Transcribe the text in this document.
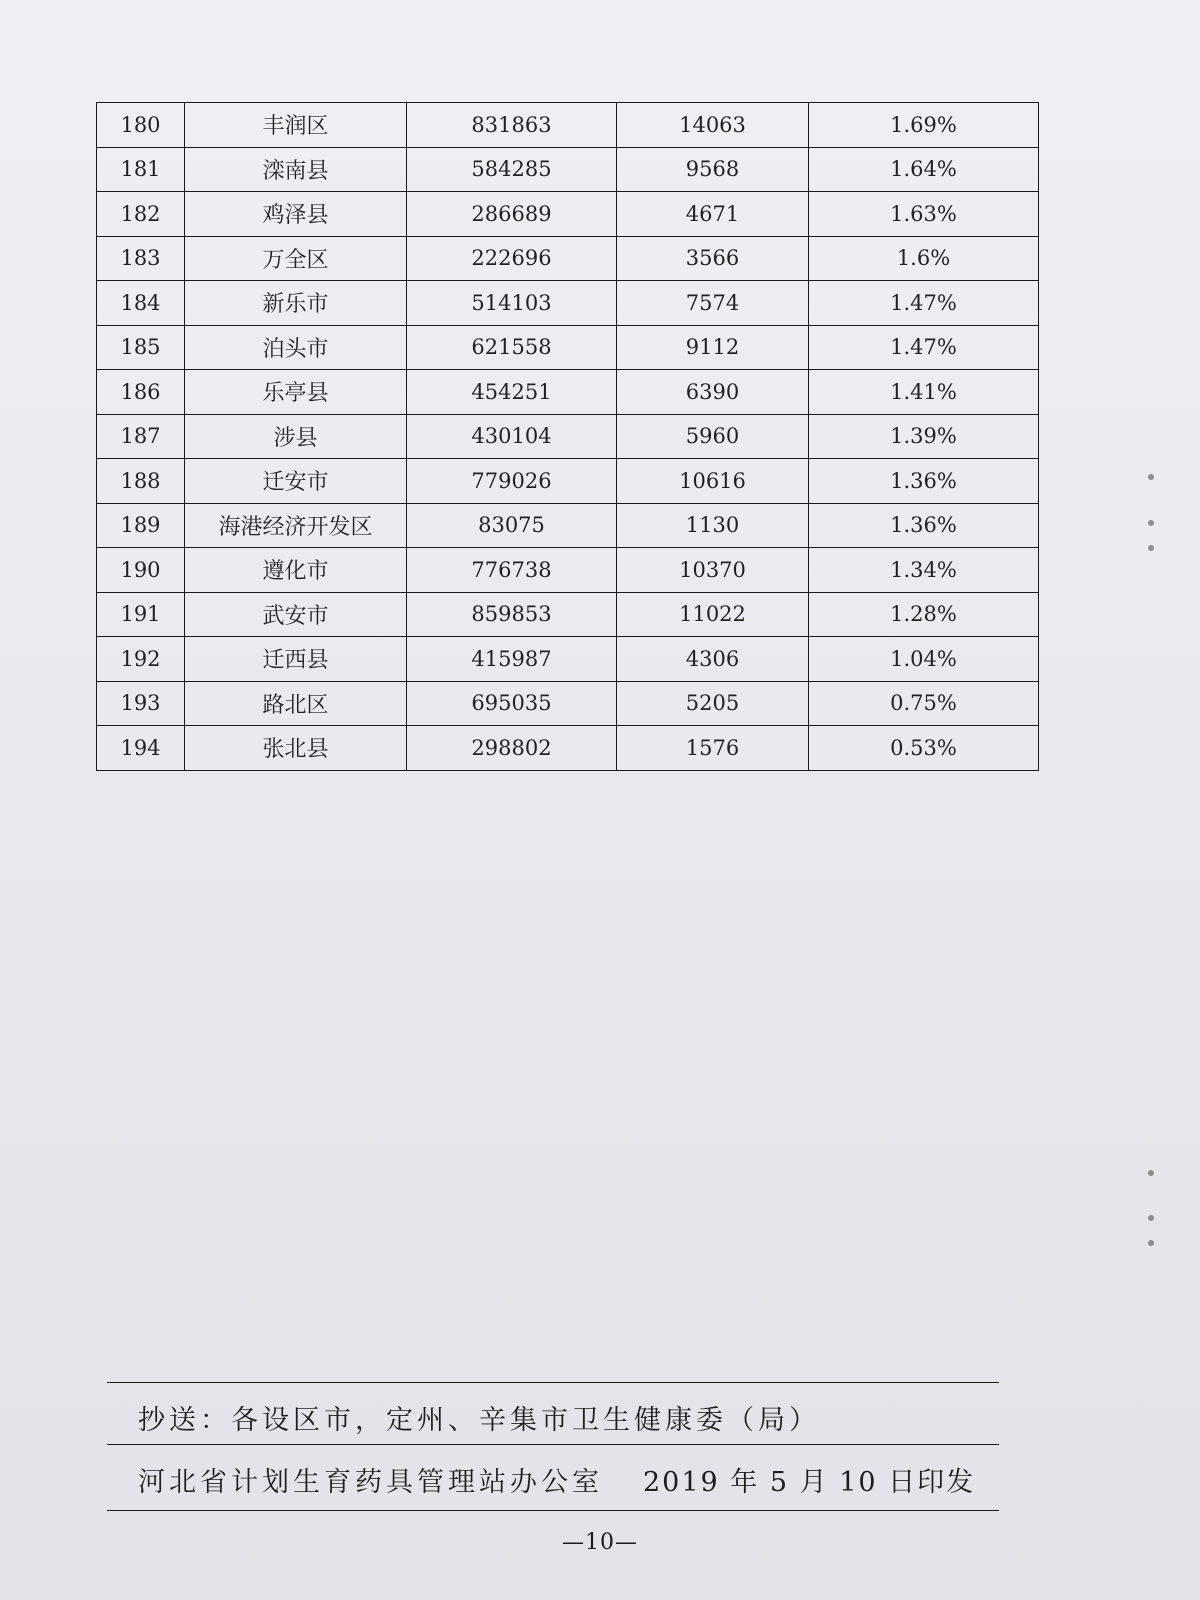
180	丰润区	831863	14063	1.69%
181	滦南县	584285	9568	1.64%
182	鸡泽县	286689	4671	1.63%
183	万全区	222696	3566	1.6%
184	新乐市	514103	7574	1.47%
185	泊头市	621558	9112	1.47%
186	乐亭县	454251	6390	1.41%
187	涉县	430104	5960	1.39%
188	迁安市	779026	10616	1.36%
189	海港经济开发区	83075	1130	1.36%
190	遵化市	776738	10370	1.34%
191	武安市	859853	11022	1.28%
192	迁西县	415987	4306	1.04%
193	路北区	695035	5205	0.75%
194	张北县	298802	1576	0.53%
抄送：各设区市，定州、辛集市卫生健康委（局）
河北省计划生育药具管理站办公室 2019 年 5 月 10 日印发
—10—
